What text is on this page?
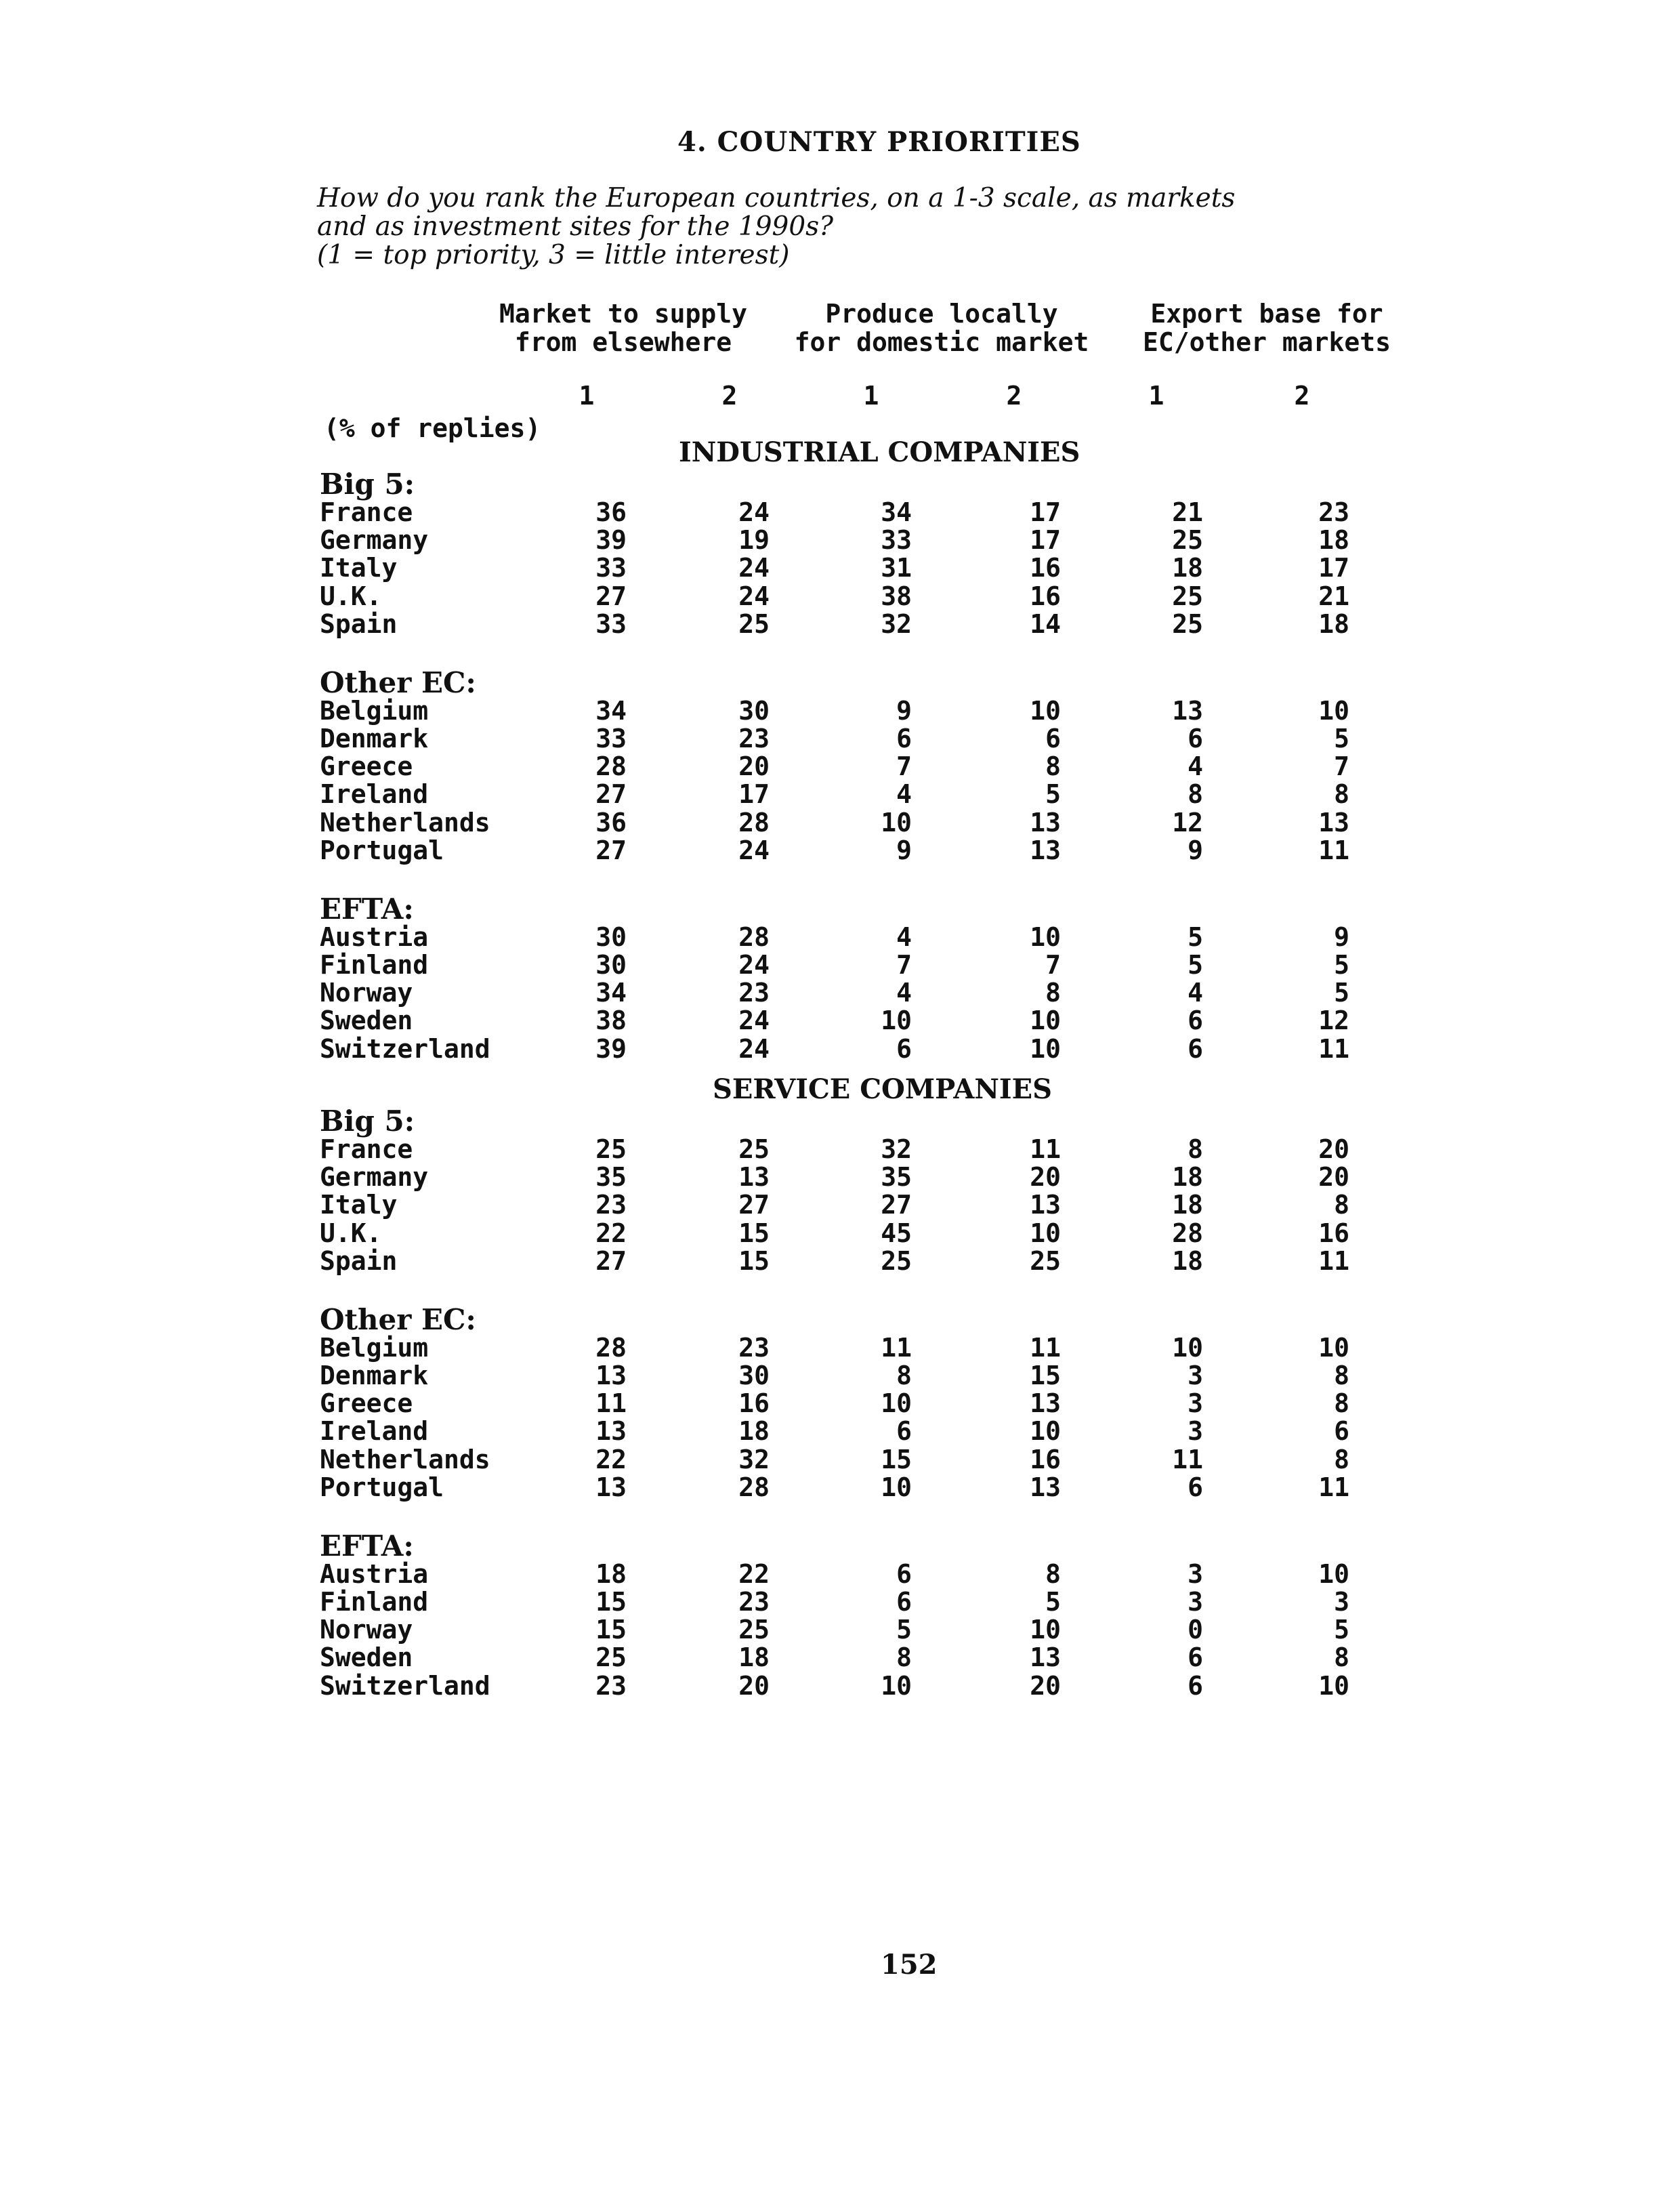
4. COUNTRY PRIORITIES
How do you rank the European countries, on a 1-3 scale, as markets
and as investment sites for the 1990s?
(1 = top priority, 3 = little interest)
Market to supply
from elsewhere
Produce locally
for domestic market
Export base for
EC/other markets
1	2	1	2	1	2
(% of replies)
INDUSTRIAL COMPANIES
Big 5:
France	36	24	34	17	21	23
Germany	39	19	33	17	25	18
Italy	33	24	31	16	18	17
U.K.	27	24	38	16	25	21
Spain	33	25	32	14	25	18
Other EC:
Belgium	34	30	9	10	13	10
Denmark	33	23	6	6	6	5
Greece	28	20	7	8	4	7
Ireland	27	17	4	5	8	8
Netherlands	36	28	10	13	12	13
Portugal	27	24	9	13	9	11
EFTA:
Austria	30	28	4	10	5	9
Finland	30	24	7	7	5	5
Norway	34	23	4	8	4	5
Sweden	38	24	10	10	6	12
Switzerland	39	24	6	10	6	11
SERVICE COMPANIES
Big 5:
France	25	25	32	11	8	20
Germany	35	13	35	20	18	20
Italy	23	27	27	13	18	8
U.K.	22	15	45	10	28	16
Spain	27	15	25	25	18	11
Other EC:
Belgium	28	23	11	11	10	10
Denmark	13	30	8	15	3	8
Greece	11	16	10	13	3	8
Ireland	13	18	6	10	3	6
Netherlands	22	32	15	16	11	8
Portugal	13	28	10	13	6	11
EFTA:
Austria	18	22	6	8	3	10
Finland	15	23	6	5	3	3
Norway	15	25	5	10	0	5
Sweden	25	18	8	13	6	8
Switzerland	23	20	10	20	6	10
152
